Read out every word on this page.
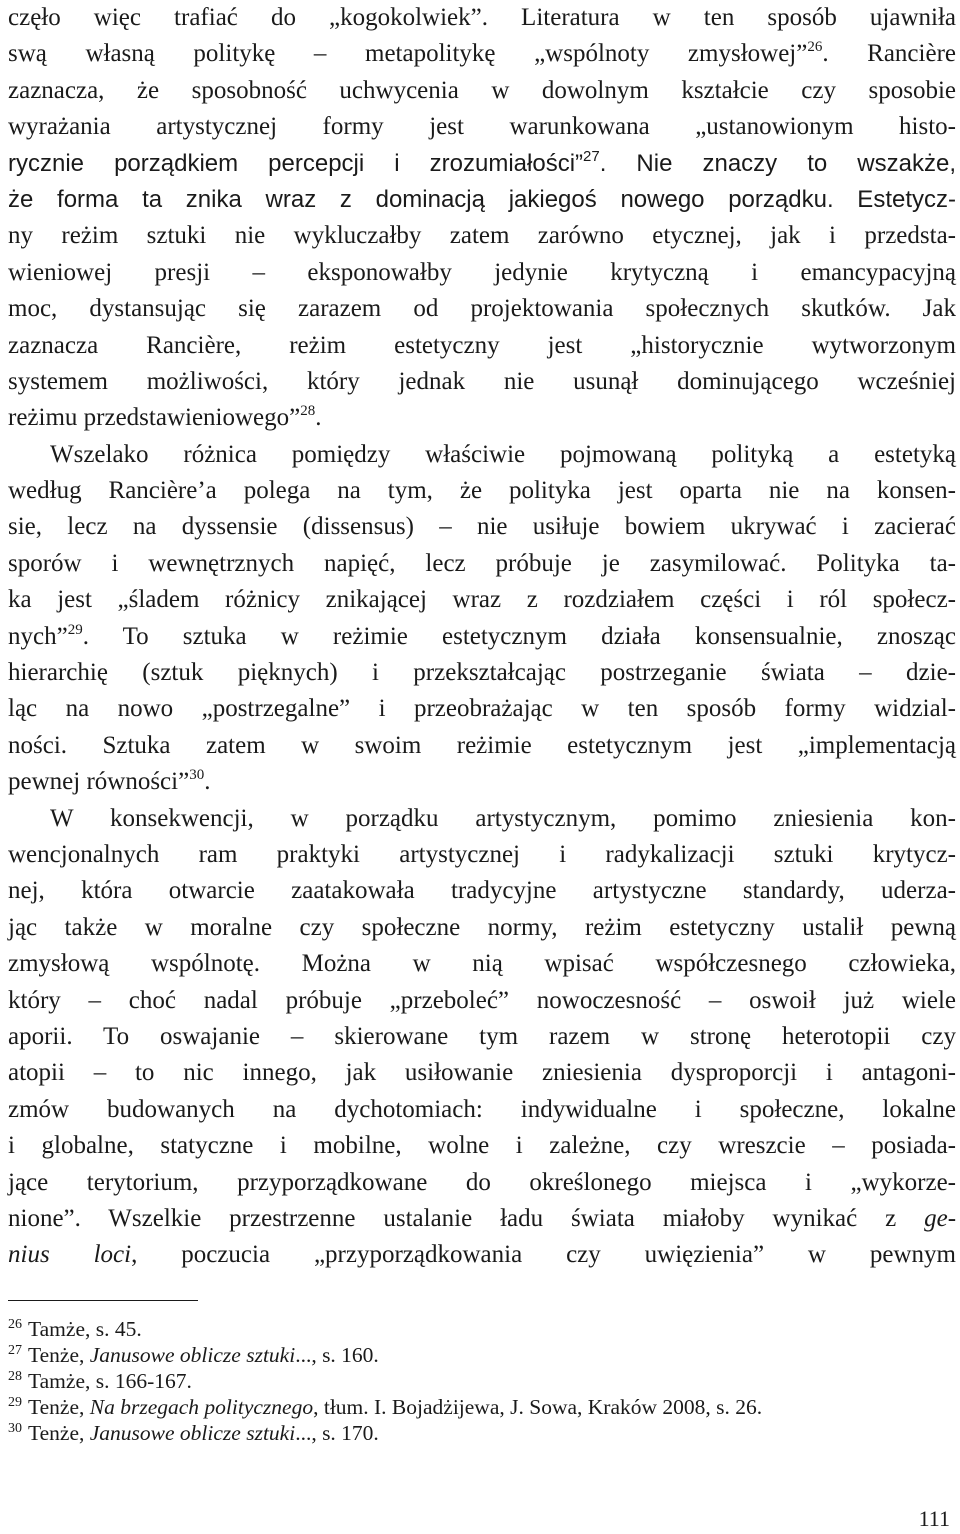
częło więc trafiać do „kogokolwiek”. Literatura w ten sposób ujawniła
swą własną politykę – metapolitykę „wspólnoty zmysłowej”$^{26}$. Rancière
zaznacza, że sposobność uchwycenia w dowolnym kształcie czy sposobie
wyrażania artystycznej formy jest warunkowana „ustanowionym histo-
rycznie porządkiem percepcji i zrozumiałości”$^{27}$. Nie znaczy to wszakże,
że forma ta znika wraz z dominacją jakiegoś nowego porządku. Estetycz-
ny reżim sztuki nie wykluczałby zatem zarówno etycznej, jak i przedsta-
wieniowej presji – eksponowałby jedynie krytyczną i emancypacyjną
moc, dystansując się zarazem od projektowania społecznych skutków. Jak
zaznacza Rancière, reżim estetyczny jest „historycznie wytworzonym
systemem możliwości, który jednak nie usunął dominującego wcześniej
reżimu przedstawieniowego”$^{28}$.
Wszelako różnica pomiędzy właściwie pojmowaną polityką a estetyką
według Rancière’a polega na tym, że polityka jest oparta nie na konsen-
sie, lecz na dyssensie (dissensus) – nie usiłuje bowiem ukrywać i zacierać
sporów i wewnętrznych napięć, lecz próbuje je zasymilować. Polityka ta-
ka jest „śladem różnicy znikającej wraz z rozdziałem części i ról społecz-
nych”$^{29}$. To sztuka w reżimie estetycznym działa konsensualnie, znosząc
hierarchię (sztuk pięknych) i przekształcając postrzeganie świata – dzie-
ląc na nowo „postrzegalne” i przeobrażając w ten sposób formy widzial-
ności. Sztuka zatem w swoim reżimie estetycznym jest „implementacją
pewnej równości”$^{30}$.
W konsekwencji, w porządku artystycznym, pomimo zniesienia kon-
wencjonalnych ram praktyki artystycznej i radykalizacji sztuki krytycz-
nej, która otwarcie zaatakowała tradycyjne artystyczne standardy, uderza-
jąc także w moralne czy społeczne normy, reżim estetyczny ustalił pewną
zmysłową wspólnotę. Można w nią wpisać współczesnego człowieka,
który – choć nadal próbuje „przeboleć” nowoczesność – oswoił już wiele
aporii. To oswajanie – skierowane tym razem w stronę heterotopii czy
atopii – to nic innego, jak usiłowanie zniesienia dysproporcji i antagoni-
zmów budowanych na dychotomiach: indywidualne i społeczne, lokalne
i globalne, statyczne i mobilne, wolne i zależne, czy wreszcie – posiada-
jące terytorium, przyporządkowane do określonego miejsca i „wykorze-
nione”. Wszelkie przestrzenne ustalanie ładu świata miałoby wynikać z ge-
nius loci, poczucia „przyporządkowania czy uwięzienia” w pewnym
$^{26}$ Tamże, s. 45.
$^{27}$ Tenże, Janusowe oblicze sztuki..., s. 160.
$^{28}$ Tamże, s. 166-167.
$^{29}$ Tenże, Na brzegach politycznego, tłum. I. Bojadżijewa, J. Sowa, Kraków 2008, s. 26.
$^{30}$ Tenże, Janusowe oblicze sztuki..., s. 170.
111
